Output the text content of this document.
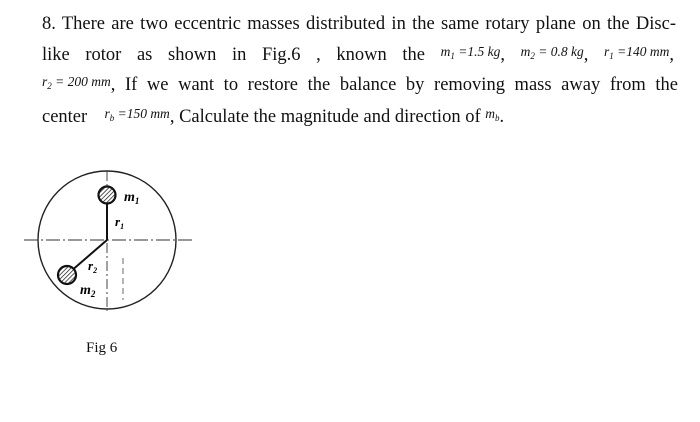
8. There are two eccentric masses distributed in the same rotary plane on the Disc-
like rotor as shown in Fig.6 , known the $m_1 =1.5$ kg, $m_2 = 0.8$ kg, $r_1 =140$ mm,
$r_2 = 200$ mm, If we want to restore the balance by removing mass away from the
center $r_b =150$ mm, Calculate the magnitude and direction of $m_b$.
$m_1$
$r_1$
$r_2$
$m_2$
Fig 6
